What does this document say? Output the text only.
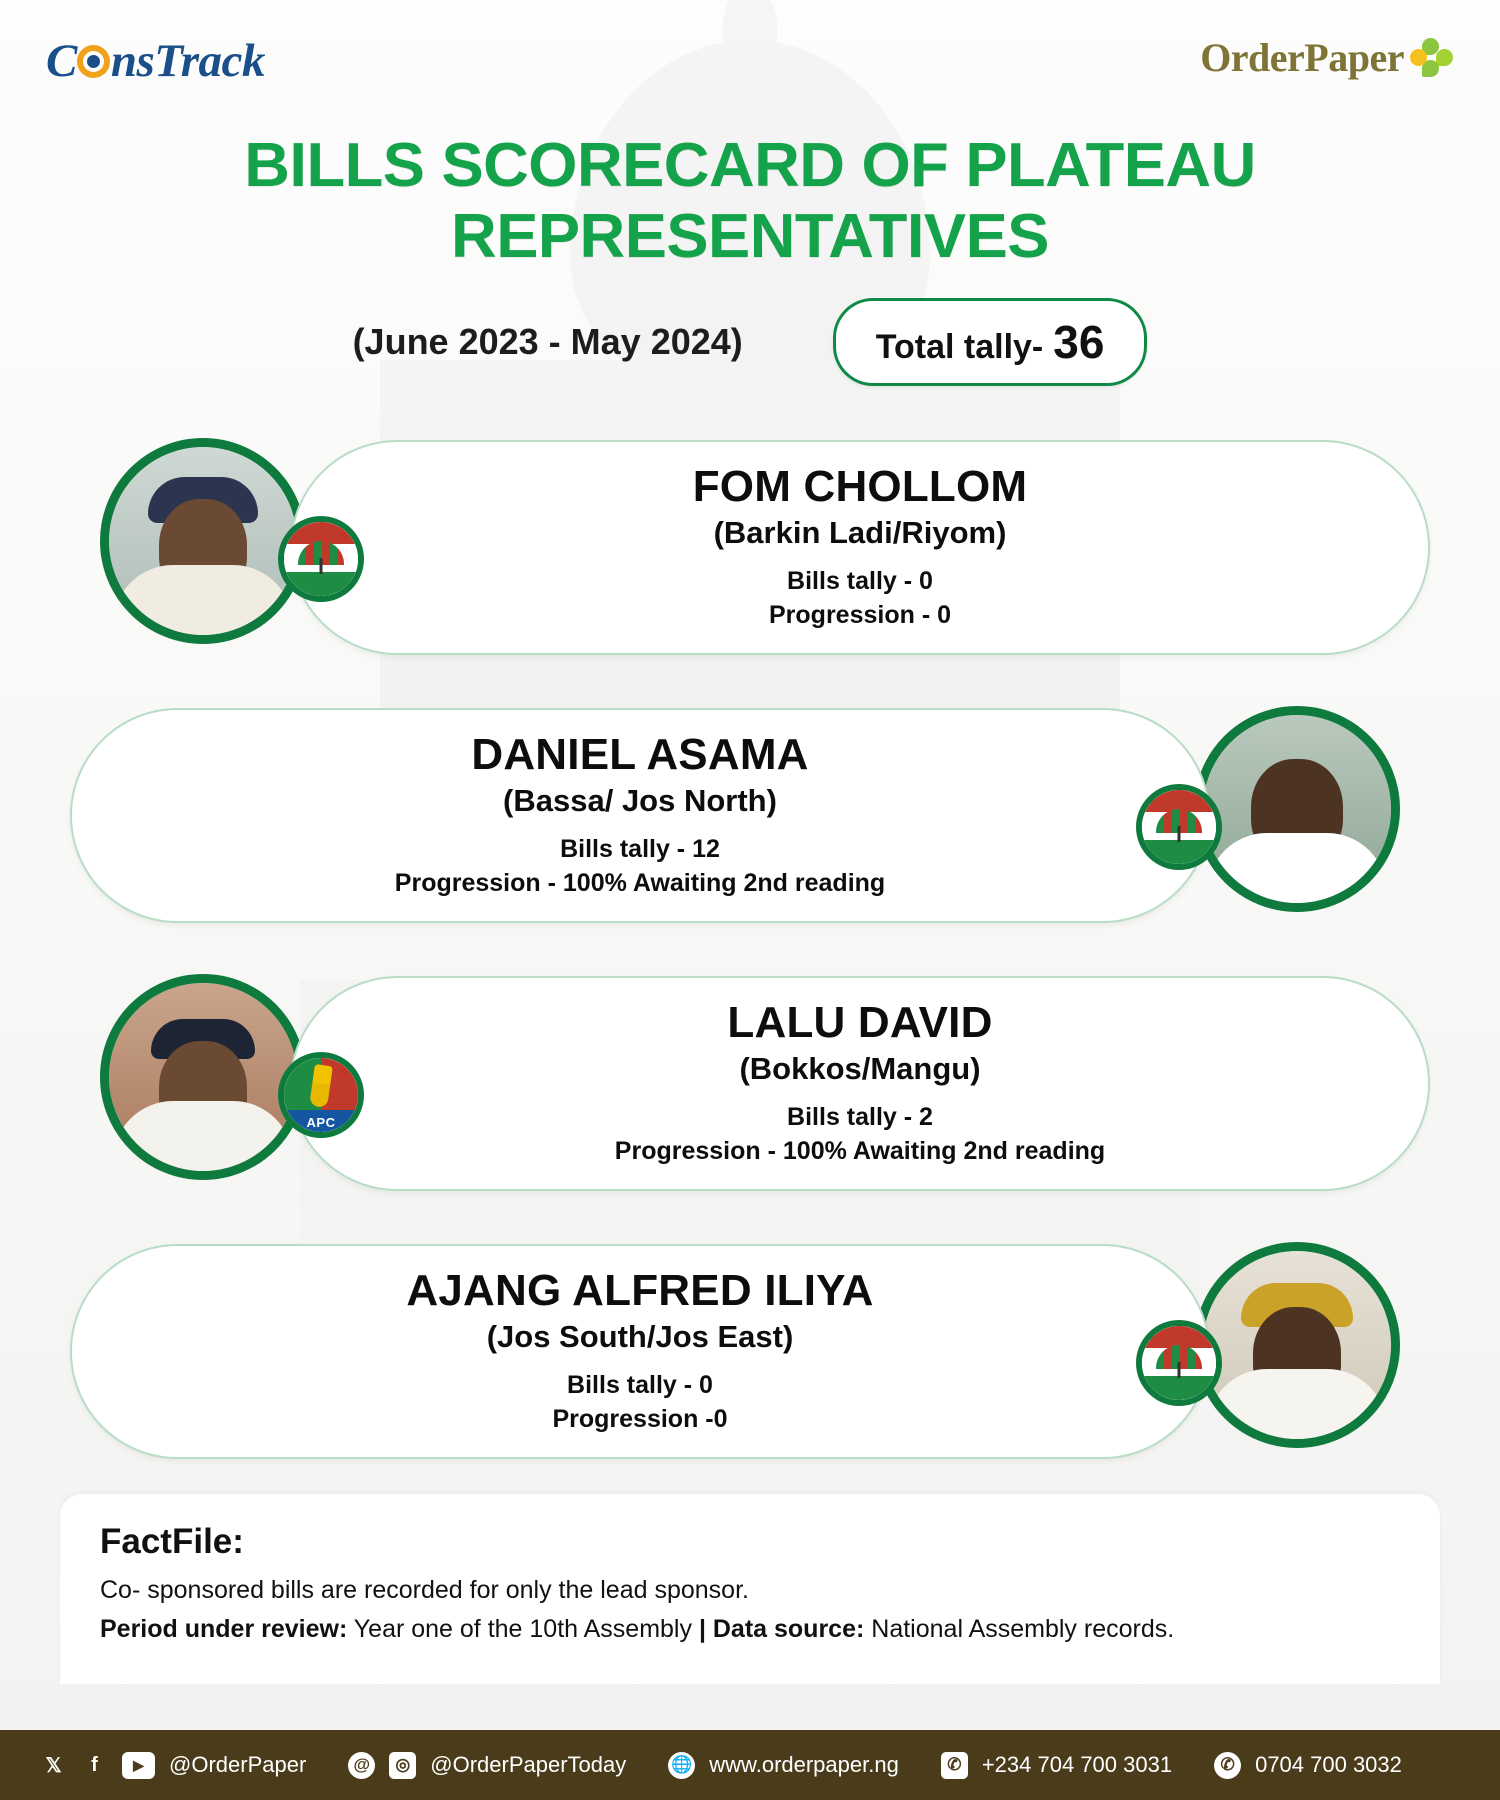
C nsTrack	OrderPaper
BILLS SCORECARD OF PLATEAU REPRESENTATIVES
(June 2023 - May 2024)	Total tally- 36
FOM CHOLLOM
(Barkin Ladi/Riyom)
Bills tally - 0
Progression - 0
DANIEL ASAMA
(Bassa/ Jos North)
Bills tally - 12
Progression - 100% Awaiting 2nd reading
APC
LALU DAVID
(Bokkos/Mangu)
Bills tally - 2
Progression - 100% Awaiting 2nd reading
AJANG ALFRED ILIYA
(Jos South/Jos East)
Bills tally - 0
Progression -0
FactFile:
Co- sponsored bills are recorded for only the lead sponsor.
Period under review: Year one of the 10th Assembly | Data source: National Assembly records.
𝕏	f	▶	@OrderPaper	@	◎ @OrderPaperToday	🌐 www.orderpaper.ng	✆ +234 704 700 3031	✆ 0704 700 3032
